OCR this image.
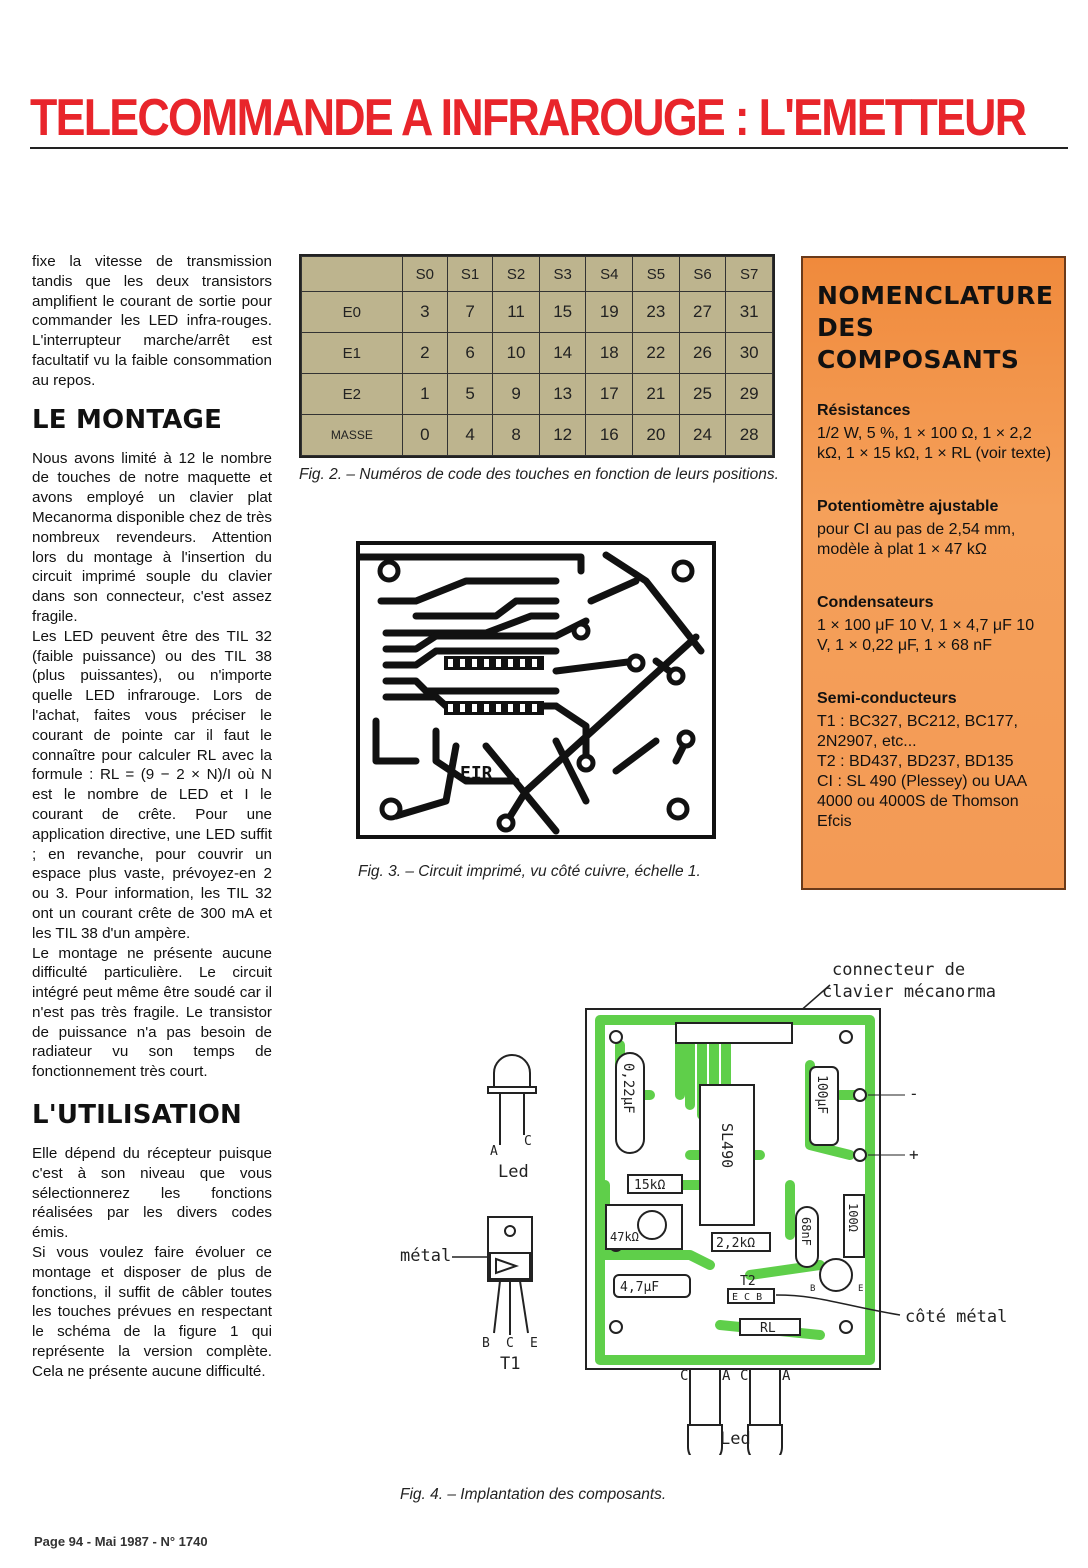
TELECOMMANDE A INFRAROUGE : L'EMETTEUR

fixe la vitesse de transmission tandis que les deux transistors amplifient le courant de sortie pour commander les LED infra-rouges. L'interrupteur marche/arrêt est facultatif vu la faible consommation au repos.

LE MONTAGE

Nous avons limité à 12 le nombre de touches de notre maquette et avons employé un clavier plat Mecanorma disponible chez de très nombreux revendeurs. Attention lors du montage à l'insertion du circuit imprimé souple du clavier dans son connecteur, c'est assez fragile.

Les LED peuvent être des TIL 32 (faible puissance) ou des TIL 38 (plus puissantes), ou n'importe quelle LED infrarouge. Lors de l'achat, faites vous préciser le courant de pointe car il faut le connaître pour calculer RL avec la formule : RL = (9 − 2 × N)/I où N est le nombre de LED et I le courant de crête. Pour une application directive, une LED suffit ; en revanche, pour couvrir un espace plus vaste, prévoyez-en 2 ou 3. Pour information, les TIL 32 ont un courant crête de 300 mA et les TIL 38 d'un ampère.

Le montage ne présente aucune difficulté particulière. Le circuit intégré peut même être soudé car il n'est pas très fragile. Le transistor de puissance n'a pas besoin de radiateur vu son temps de fonctionnement très court.

L'UTILISATION

Elle dépend du récepteur puisque c'est à son niveau que vous sélectionnerez les fonctions réalisées par les divers codes émis.

Si vous voulez faire évoluer ce montage et disposer de plus de fonctions, il suffit de câbler toutes les touches prévues en respectant le schéma de la figure 1 qui représente la version complète. Cela ne présente aucune difficulté.

	S0	S1	S2	S3	S4	S5	S6	S7
E0	3	7	11	15	19	23	27	31
E1	2	6	10	14	18	22	26	30
E2	1	5	9	13	17	21	25	29
MASSE	0	4	8	12	16	20	24	28
Fig. 2. – Numéros de code des touches en fonction de leurs positions.
EIR
Fig. 3. – Circuit imprimé, vu côté cuivre, échelle 1.
NOMENCLATURE
DES
COMPOSANTS
Résistances

1/2 W, 5 %, 1 × 100 Ω, 1 × 2,2 kΩ, 1 × 15 kΩ, 1 × RL (voir texte)

Potentiomètre ajustable

pour CI au pas de 2,54 mm, modèle à plat 1 × 47 kΩ

Condensateurs

1 × 100 μF 10 V, 1 × 4,7 μF 10 V, 1 × 0,22 μF, 1 × 68 nF

Semi-conducteurs

T1 : BC327, BC212, BC177, 2N2907, etc...

T2 : BD437, BD237, BD135

CI : SL 490 (Plessey) ou UAA 4000 ou 4000S de Thomson Efcis

connecteur de
clavier mécanorma
SL490
0,22μF	100μF
15kΩ
47kΩ	2,2kΩ	68nF	100Ω
4,7μF	T2
E C B
RL
B	E
-
+
côté métal
C A C A
Led
A
C
Led
B C E
T1
métal
Fig. 4. – Implantation des composants.
Page 94 - Mai 1987 - N° 1740
